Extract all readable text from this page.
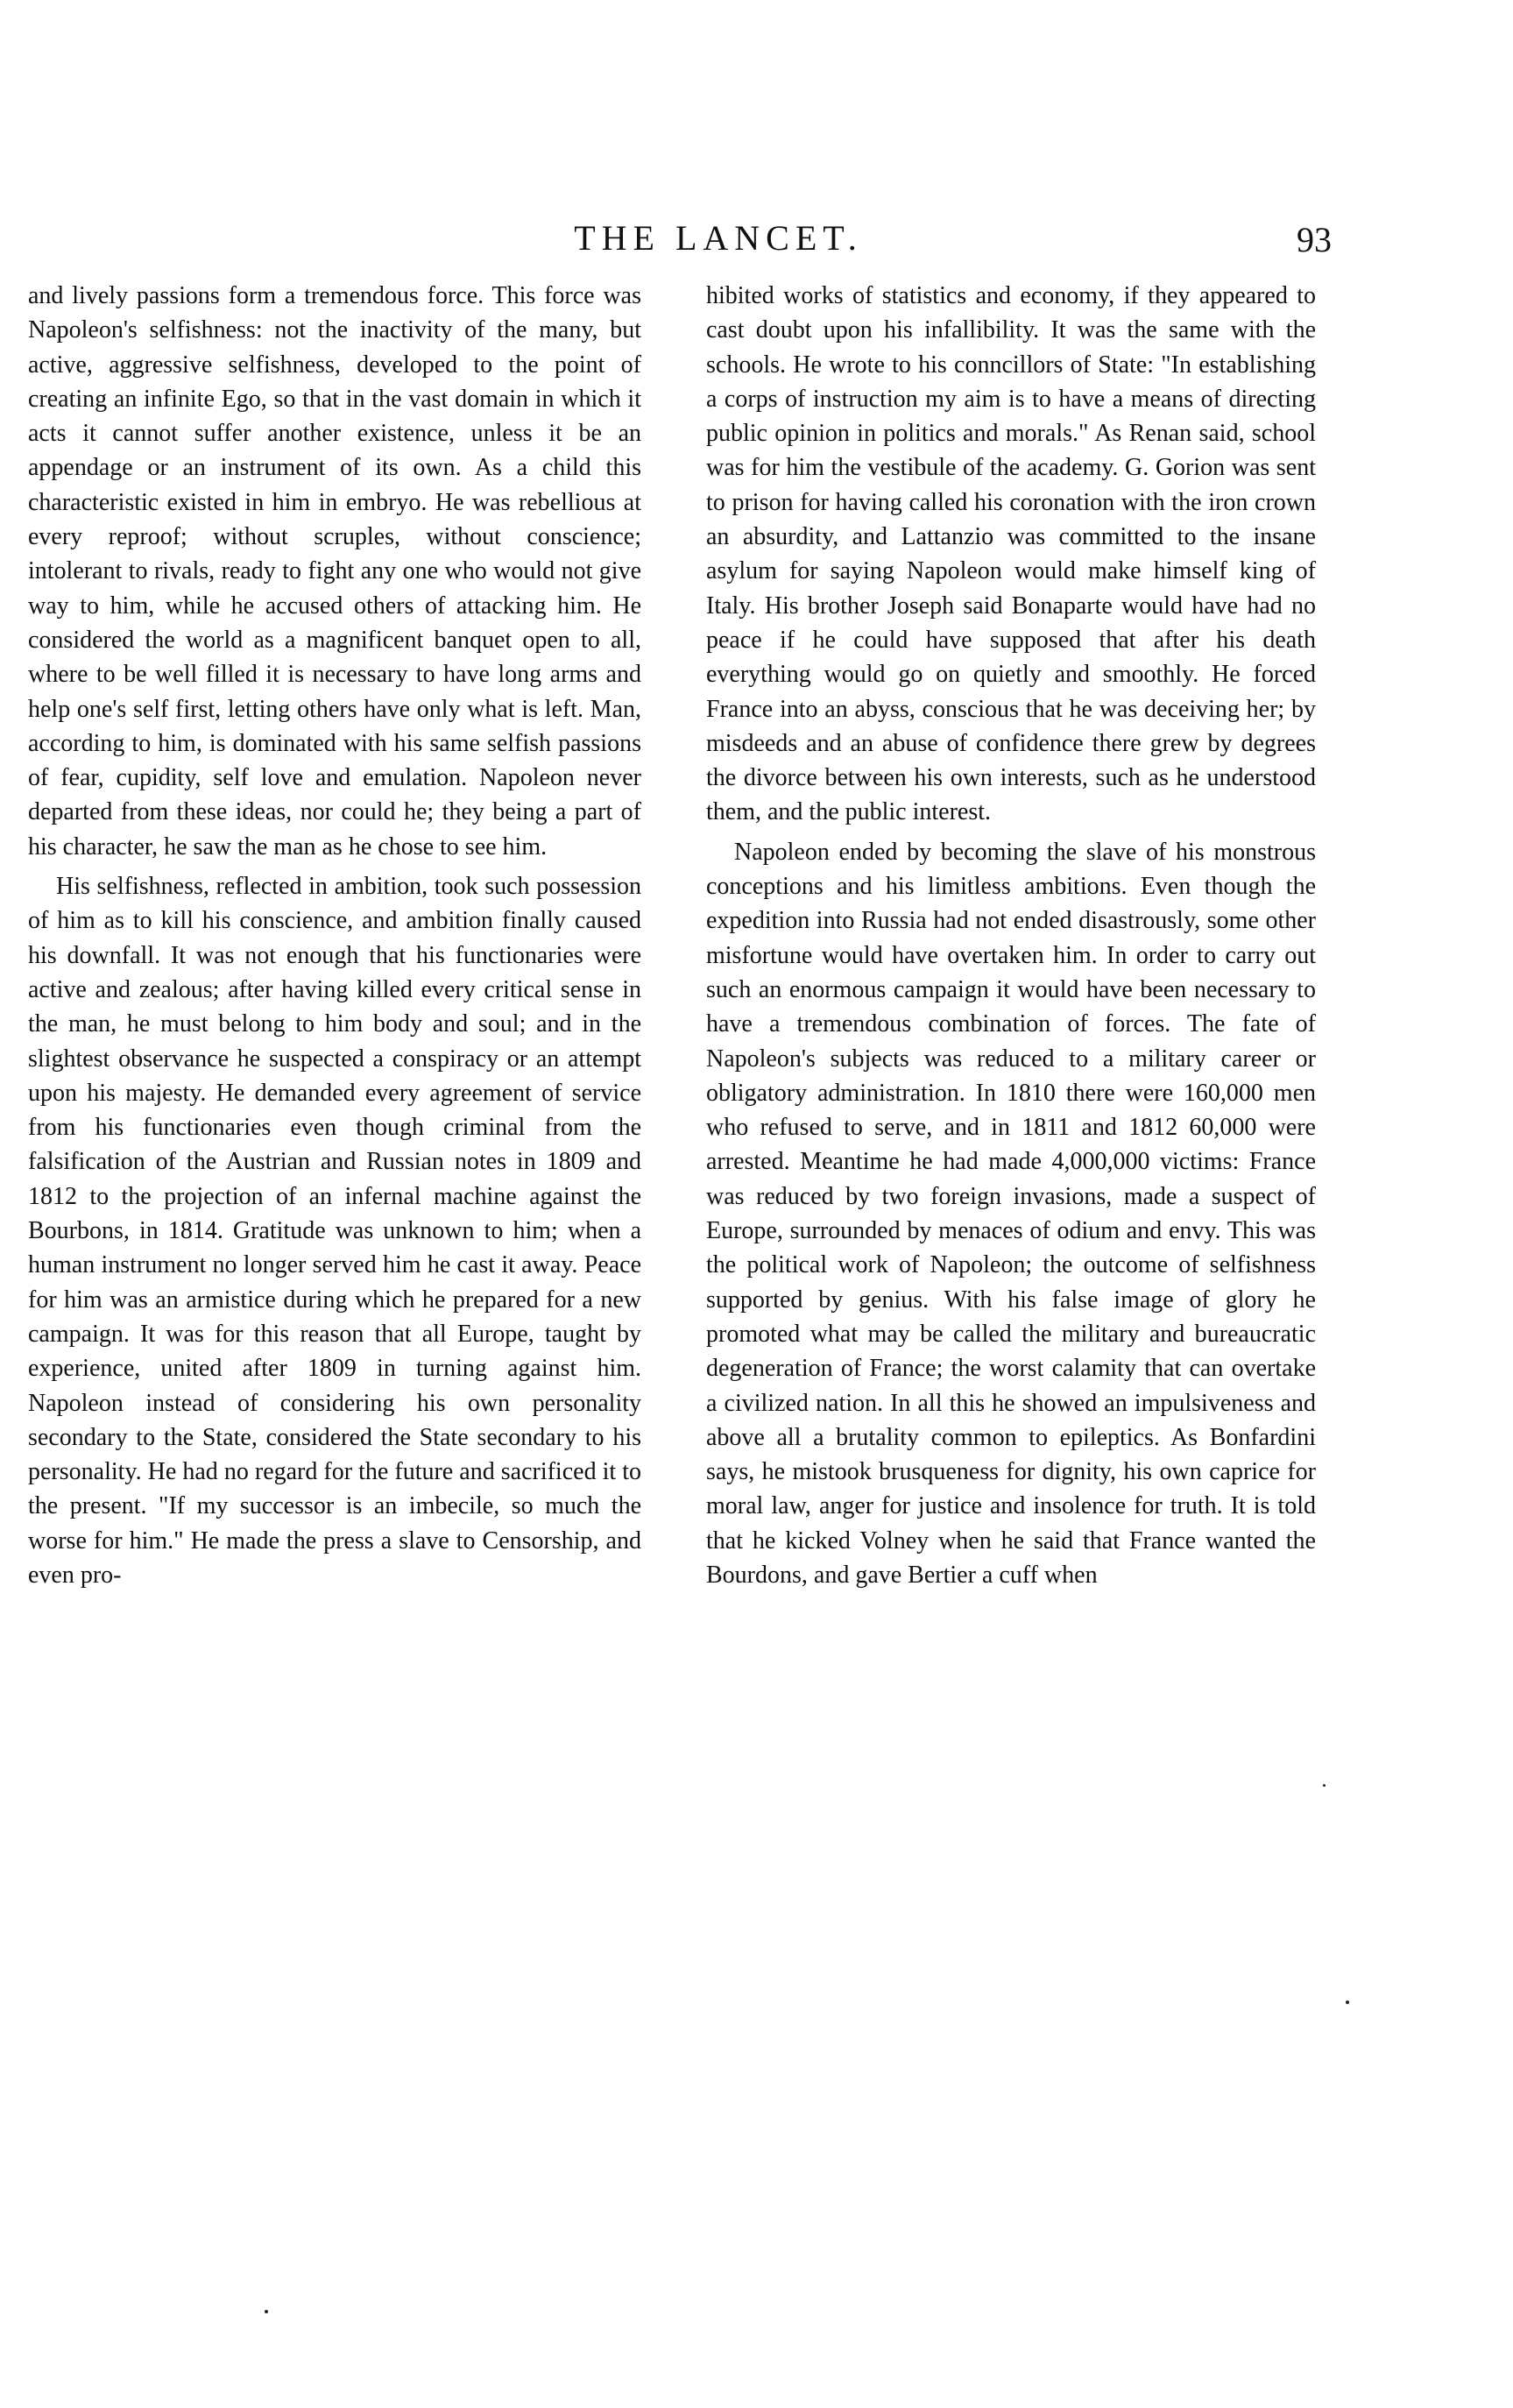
THE LANCET.	93

and lively passions form a tremendous force. This force was Napoleon's selfishness: not the inactivity of the many, but active, aggressive selfishness, developed to the point of creating an infinite Ego, so that in the vast domain in which it acts it cannot suffer another existence, unless it be an appendage or an instrument of its own. As a child this characteristic existed in him in embryo. He was rebellious at every reproof; without scruples, without conscience; intolerant to rivals, ready to fight any one who would not give way to him, while he accused others of attacking him. He considered the world as a magnificent banquet open to all, where to be well filled it is necessary to have long arms and help one's self first, letting others have only what is left. Man, according to him, is dominated with his same selfish passions of fear, cupidity, self love and emulation. Napoleon never departed from these ideas, nor could he; they being a part of his character, he saw the man as he chose to see him.

His selfishness, reflected in ambition, took such possession of him as to kill his conscience, and ambition finally caused his downfall. It was not enough that his functionaries were active and zealous; after having killed every critical sense in the man, he must belong to him body and soul; and in the slightest observance he suspected a conspiracy or an attempt upon his majesty. He demanded every agreement of service from his functionaries even though criminal from the falsification of the Austrian and Russian notes in 1809 and 1812 to the projection of an infernal machine against the Bourbons, in 1814. Gratitude was unknown to him; when a human instrument no longer served him he cast it away. Peace for him was an armistice during which he prepared for a new campaign. It was for this reason that all Europe, taught by experience, united after 1809 in turning against him. Napoleon instead of considering his own personality secondary to the State, considered the State secondary to his personality. He had no regard for the future and sacrificed it to the present. "If my successor is an imbecile, so much the worse for him." He made the press a slave to Censorship, and even pro-

hibited works of statistics and economy, if they appeared to cast doubt upon his infallibility. It was the same with the schools. He wrote to his conncillors of State: "In establishing a corps of instruction my aim is to have a means of directing public opinion in politics and morals." As Renan said, school was for him the vestibule of the academy. G. Gorion was sent to prison for having called his coronation with the iron crown an absurdity, and Lattanzio was committed to the insane asylum for saying Napoleon would make himself king of Italy. His brother Joseph said Bonaparte would have had no peace if he could have supposed that after his death everything would go on quietly and smoothly. He forced France into an abyss, conscious that he was deceiving her; by misdeeds and an abuse of confidence there grew by degrees the divorce between his own interests, such as he understood them, and the public interest.

Napoleon ended by becoming the slave of his monstrous conceptions and his limitless ambitions. Even though the expedition into Russia had not ended disastrously, some other misfortune would have overtaken him. In order to carry out such an enormous campaign it would have been necessary to have a tremendous combination of forces. The fate of Napoleon's subjects was reduced to a military career or obligatory administration. In 1810 there were 160,000 men who refused to serve, and in 1811 and 1812 60,000 were arrested. Meantime he had made 4,000,000 victims: France was reduced by two foreign invasions, made a suspect of Europe, surrounded by menaces of odium and envy. This was the political work of Napoleon; the outcome of selfishness supported by genius. With his false image of glory he promoted what may be called the military and bureaucratic degeneration of France; the worst calamity that can overtake a civilized nation. In all this he showed an impulsiveness and above all a brutality common to epileptics. As Bonfardini says, he mistook brusqueness for dignity, his own caprice for moral law, anger for justice and insolence for truth. It is told that he kicked Volney when he said that France wanted the Bourdons, and gave Bertier a cuff when
